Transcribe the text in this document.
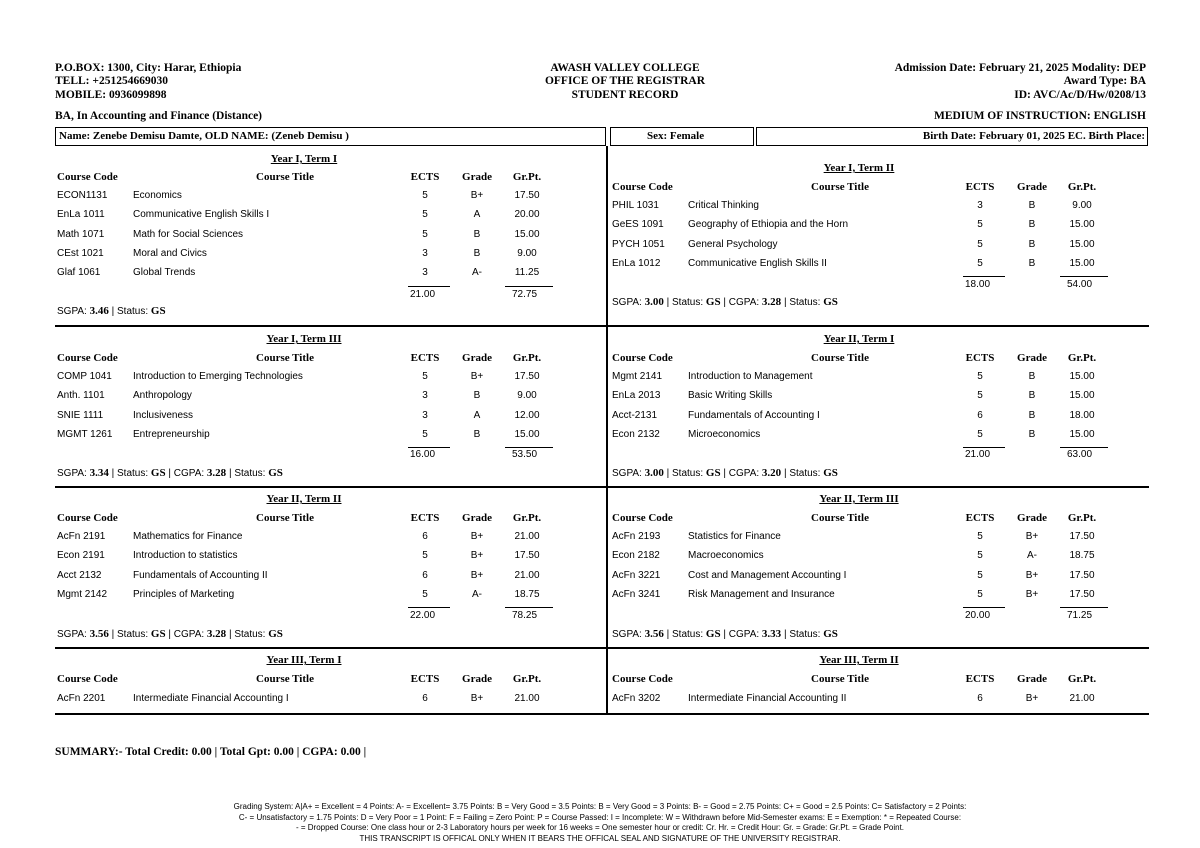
P.O.BOX: 1300, City: Harar, Ethiopia
TELL: +251254669030
MOBILE: 0936099898
AWASH VALLEY COLLEGE
OFFICE OF THE REGISTRAR
STUDENT RECORD
Admission Date: February 21, 2025 Modality: DEP
Award Type: BA
ID: AVC/Ac/D/Hw/0208/13
BA, In Accounting and Finance (Distance)	MEDIUM OF INSTRUCTION: ENGLISH
Name: Zenebe Demisu Damte, OLD NAME: (Zeneb Demisu )	Sex: Female	Birth Date: February 01, 2025 EC. Birth Place:
Year I, Term I
Course Code	Course Title	ECTS	Grade	Gr.Pt.
ECON1131	Economics	5	B+	17.50
EnLa 1011	Communicative English Skills I	5	A	20.00
Math 1071	Math for Social Sciences	5	B	15.00
CEst 1021	Moral and Civics	3	B	9.00
Glaf 1061	Global Trends	3	A-	11.25
21.00	72.75
SGPA: 3.46 | Status: GS
Year I, Term II
Course Code	Course Title	ECTS	Grade	Gr.Pt.
PHIL 1031	Critical Thinking	3	B	9.00
GeES 1091 Geography of Ethiopia and the Horn	5	B	15.00
PYCH 1051 General Psychology	5	B	15.00
EnLa 1012	Communicative English Skills II	5	B	15.00
18.00	54.00
SGPA: 3.00 | Status: GS | CGPA: 3.28 | Status: GS
Year I, Term III
Course Code	Course Title	ECTS	Grade	Gr.Pt.
COMP 1041 Introduction to Emerging Technologies	5	B+	17.50
Anth. 1101	Anthropology	3	B	9.00
SNIE 1111	Inclusiveness	3	A	12.00
MGMT 1261 Entrepreneurship	5	B	15.00
16.00	53.50
SGPA: 3.34 | Status: GS | CGPA: 3.28 | Status: GS
Year II, Term I
Course Code	Course Title	ECTS	Grade	Gr.Pt.
Mgmt 2141	Introduction to Management	5	B	15.00
EnLa 2013	Basic Writing Skills	5	B	15.00
Acct-2131	Fundamentals of Accounting I	6	B	18.00
Econ 2132	Microeconomics	5	B	15.00
21.00	63.00
SGPA: 3.00 | Status: GS | CGPA: 3.20 | Status: GS
Year II, Term II
Course Code	Course Title	ECTS	Grade	Gr.Pt.
AcFn 2191	Mathematics for Finance	6	B+	21.00
Econ 2191	Introduction to statistics	5	B+	17.50
Acct 2132	Fundamentals of Accounting II	6	B+	21.00
Mgmt 2142	Principles of Marketing	5	A-	18.75
22.00	78.25
SGPA: 3.56 | Status: GS | CGPA: 3.28 | Status: GS
Year II, Term III
Course Code	Course Title	ECTS	Grade	Gr.Pt.
AcFn 2193	Statistics for Finance	5	B+	17.50
Econ 2182	Macroeconomics	5	A-	18.75
AcFn 3221	Cost and Management Accounting I	5	B+	17.50
AcFn 3241	Risk Management and Insurance	5	B+	17.50
20.00	71.25
SGPA: 3.56 | Status: GS | CGPA: 3.33 | Status: GS
Year III, Term I
Course Code	Course Title	ECTS	Grade	Gr.Pt.
AcFn 2201	Intermediate Financial Accounting I	6	B+	21.00
Year III, Term II
Course Code	Course Title	ECTS	Grade	Gr.Pt.
AcFn 3202	Intermediate Financial Accounting II	6	B+	21.00
SUMMARY:- Total Credit: 0.00 | Total Gpt: 0.00 | CGPA: 0.00 |
Grading System: A|A+ = Excellent = 4 Points: A- = Excellent= 3.75 Points: B = Very Good = 3.5 Points: B = Very Good = 3 Points: B- = Good = 2.75 Points: C+ = Good = 2.5 Points: C= Satisfactory = 2 Points:
C- = Unsatisfactory = 1.75 Points: D = Very Poor = 1 Point: F = Failing = Zero Point: P = Course Passed: I = Incomplete: W = Withdrawn before Mid-Semester exams: E = Exemption: * = Repeated Course:
- = Dropped Course: One class hour or 2-3 Laboratory hours per week for 16 weeks = One semester hour or credit: Cr. Hr. = Credit Hour: Gr. = Grade: Gr.Pt. = Grade Point.
THIS TRANSCRIPT IS OFFICAL ONLY WHEN IT BEARS THE OFFICAL SEAL AND SIGNATURE OF THE UNIVERSITY REGISTRAR.
